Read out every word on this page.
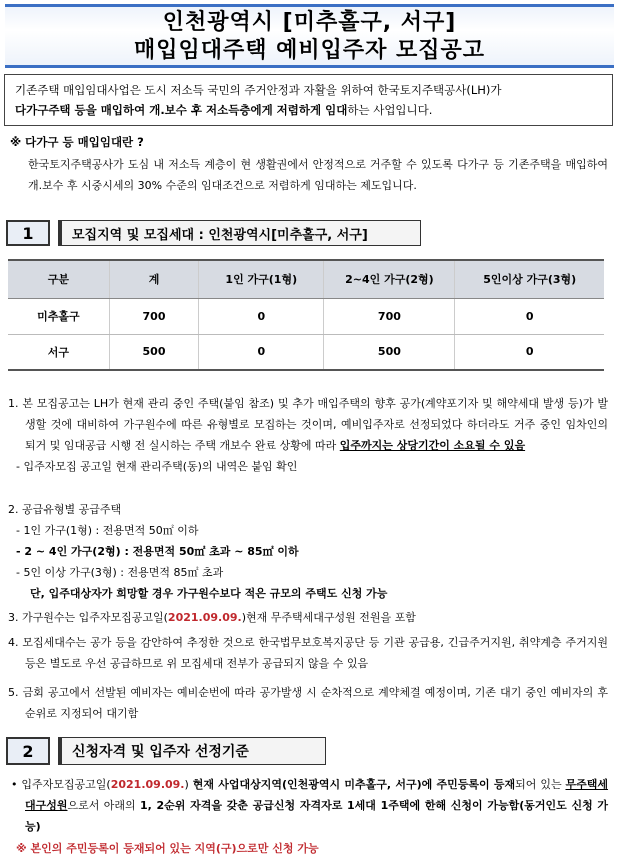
인천광역시 [미추홀구, 서구]
매입임대주택 예비입주자 모집공고
기존주택 매입임대사업은 도시 저소득 국민의 주거안정과 자활을 위하여 한국토지주택공사(LH)가
다가구주택 등을 매입하여 개.보수 후 저소득층에게 저렴하게 임대하는 사업입니다.
※ 다가구 등 매입임대란 ?
한국토지주택공사가 도심 내 저소득 계층이 현 생활권에서 안정적으로 거주할 수 있도록 다가구 등 기존주택을 매입하여 개.보수 후 시중시세의 30% 수준의 임대조건으로 저렴하게 임대하는 제도입니다.
1	모집지역 및 모집세대 : 인천광역시[미추홀구, 서구]
구분	계	1인 가구(1형)	2~4인 가구(2형)	5인이상 가구(3형)
미추홀구	700	0	700	0
서구	500	0	500	0
1. 본 모집공고는 LH가 현재 관리 중인 주택(붙임 참조) 및 추가 매입주택의 향후 공가(계약포기자 및 해약세대 발생 등)가 발생할 것에 대비하여 가구원수에 따른 유형별로 모집하는 것이며, 예비입주자로 선정되었다 하더라도 거주 중인 임차인의 퇴거 및 임대공급 시행 전 실시하는 주택 개보수 완료 상황에 따라 입주까지는 상당기간이 소요될 수 있음
- 입주자모집 공고일 현재 관리주택(동)의 내역은 붙임 확인
2. 공급유형별 공급주택
- 1인 가구(1형) : 전용면적 50㎡ 이하
- 2 ~ 4인 가구(2형) : 전용면적 50㎡ 초과 ~ 85㎡ 이하
- 5인 이상 가구(3형) : 전용면적 85㎡ 초과
단, 입주대상자가 희망할 경우 가구원수보다 적은 규모의 주택도 신청 가능
3. 가구원수는 입주자모집공고일(2021.09.09.)현재 무주택세대구성원 전원을 포함
4. 모집세대수는 공가 등을 감안하여 추정한 것으로 한국법무보호복지공단 등 기관 공급용, 긴급주거지원, 취약계층 주거지원 등은 별도로 우선 공급하므로 위 모집세대 전부가 공급되지 않을 수 있음
5. 금회 공고에서 선발된 예비자는 예비순번에 따라 공가발생 시 순차적으로 계약체결 예정이며, 기존 대기 중인 예비자의 후순위로 지정되어 대기함
2	신청자격 및 입주자 선정기준
• 입주자모집공고일(2021.09.09.) 현재 사업대상지역(인천광역시 미추홀구, 서구)에 주민등록이 등재되어 있는 무주택세대구성원으로서 아래의 1, 2순위 자격을 갖춘 공급신청 자격자로 1세대 1주택에 한해 신청이 가능함(동거인도 신청 가능)
※ 본인의 주민등록이 등재되어 있는 지역(구)으로만 신청 가능
